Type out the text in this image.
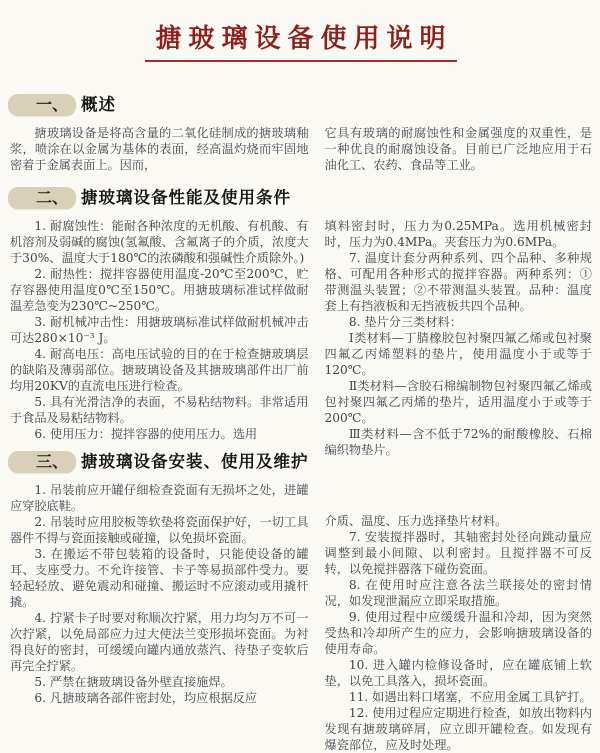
搪玻璃设备使用说明
一、 概述

搪玻璃设备是将高含量的二氧化硅制成的搪玻璃釉浆，喷涂在以金属为基体的表面，经高温灼烧而牢固地密着于金属表面上。因而，

二、 搪玻璃设备性能及使用条件

1. 耐腐蚀性：能耐各种浓度的无机酸、有机酸、有机溶剂及弱碱的腐蚀(氢氟酸、含氟离子的介质，浓度大于30%、温度大于180℃的浓磷酸和强碱性介质除外。)

2. 耐热性：搅拌容器使用温度-20℃至200℃，贮存容器使用温度0℃至150℃。用搪玻璃标准试样做耐温差急变为230℃~250℃。

3. 耐机械冲击性：用搪玻璃标准试样做耐机械冲击可达280×10⁻³ J。

4. 耐高电压：高电压试验的目的在于检查搪玻璃层的缺陷及薄弱部位。搪玻璃设备及其搪玻璃部件出厂前均用20KV的直流电压进行检查。

5. 具有光滑洁净的表面，不易粘结物料。非常适用于食品及易粘结物料。

6. 使用压力：搅拌容器的使用压力。选用

三、 搪玻璃设备安装、使用及维护

1. 吊装前应开罐仔细检查瓷面有无损坏之处，进罐应穿胶底鞋。

2. 吊装时应用胶板等软垫将瓷面保护好，一切工具器件不得与瓷面接触或碰撞，以免损坏瓷面。

3. 在搬运不带包装箱的设备时，只能使设备的罐耳、支座受力。不允许接管、卡子等易损部件受力。要轻起轻放、避免震动和碰撞、搬运时不应滚动或用撬杆撬。

4. 拧紧卡子时要对称顺次拧紧，用力均匀万不可一次拧紧，以免局部应力过大使法兰变形损坏瓷面。为衬得良好的密封，可缓缓向罐内通放蒸汽、待垫子变软后再完全拧紧。

5. 严禁在搪玻璃设备外壁直接施焊。

6. 凡搪玻璃各部件密封处，均应根据反应

它具有玻璃的耐腐蚀性和金属强度的双重性，是一种优良的耐腐蚀设备。目前已广泛地应用于石油化工、农药、食品等工业。

填料密封时，压力为0.25MPa。选用机械密封时，压力为0.4MPa。夹套压力为0.6MPa。

7. 温度计套分两种系列、四个品种、多种规格、可配用各种形式的搅拌容器。两种系列：①带测温头装置；②不带测温头装置。品种：温度套上有挡液板和无挡液板共四个品种。

8. 垫片分三类材料：

Ⅰ类材料—丁腈橡胶包衬聚四氟乙烯或包衬聚四氟乙丙烯塑料的垫片，使用温度小于或等于120℃。

Ⅱ类材料—含胶石棉编制物包衬聚四氟乙烯或包衬聚四氟乙丙烯的垫片，适用温度小于或等于200℃。

Ⅲ类材料—含不低于72%的耐酸橡胶、石棉编织物垫片。

介质、温度、压力选择垫片材料。

7. 安装搅拌器时，其轴密封处径向跳动量应调整到最小间隙、以利密封。且搅拌器不可反转，以免搅拌器落下碰伤瓷面。

8. 在使用时应注意各法兰联接处的密封情况，如发现泄漏应立即采取措施。

9. 使用过程中应缓缓升温和冷却，因为突然受热和冷却所产生的应力，会影响搪玻璃设备的使用寿命。

10. 进入罐内检修设备时，应在罐底铺上软垫，以免工具落入，损坏瓷面。

11. 如遇出料口堵塞，不应用金属工具铲打。

12. 使用过程应定期进行检查，如放出物料内发现有搪玻璃碎屑，应立即开罐检查。如发现有爆瓷部位，应及时处理。
